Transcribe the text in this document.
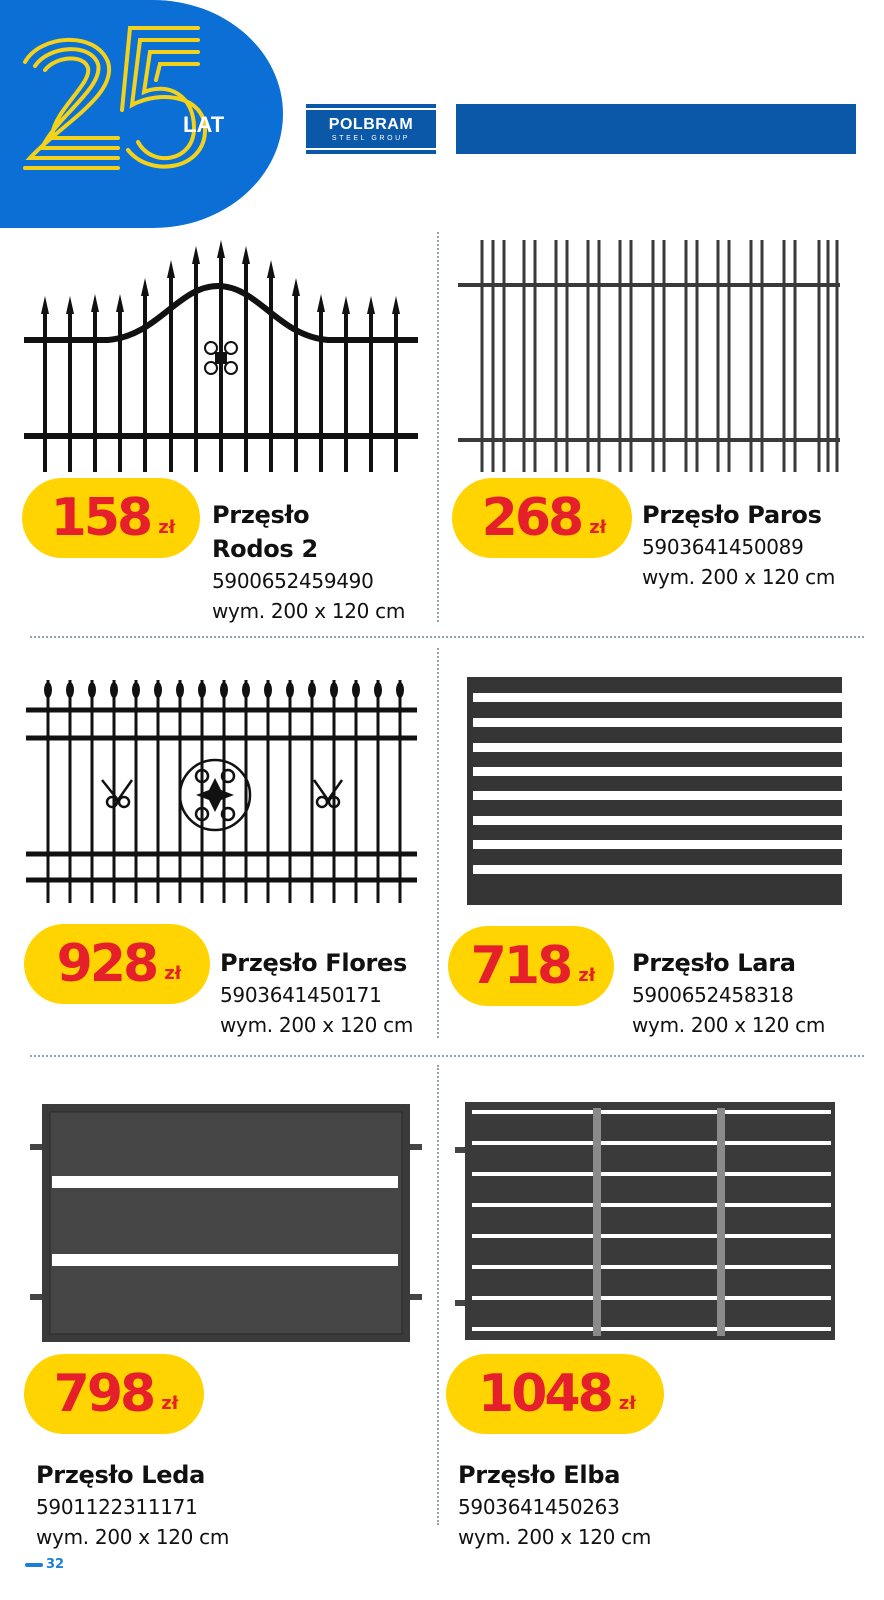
LAT	POLBRAM
STEEL GROUP
158 zł Przęsło
Rodos 2
5900652459490
wym. 200 x 120 cm
268 zł Przęsło Paros
5903641450089
wym. 200 x 120 cm
928 zł Przęsło Flores
5903641450171
wym. 200 x 120 cm
718 zł Przęsło Lara
5900652458318
wym. 200 x 120 cm
798 zł
Przęsło Leda
5901122311171
wym. 200 x 120 cm
1048 zł
Przęsło Elba
5903641450263
wym. 200 x 120 cm
32
